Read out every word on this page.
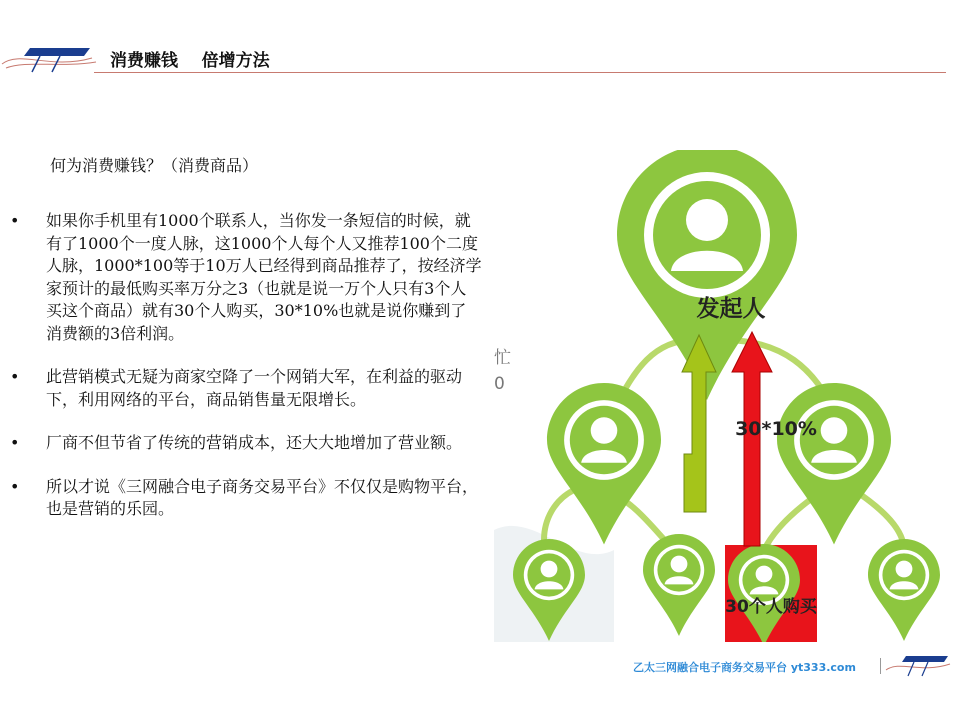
消费赚钱    倍增方法
何为消费赚钱？（消费商品）
• 如果你手机里有1000个联系人，当你发一条短信的时候，就有了1000个一度人脉，这1000个人每个人又推荐100个二度人脉，1000*100等于10万人已经得到商品推荐了，按经济学家预计的最低购买率万分之3（也就是说一万个人只有3个人买这个商品）就有30个人购买，30*10%也就是说你赚到了消费额的3倍利润。
• 此营销模式无疑为商家空降了一个网销大军，在利益的驱动下，利用网络的平台，商品销售量无限增长。
• 厂商不但节省了传统的营销成本，还大大地增加了营业额。
• 所以才说《三网融合电子商务交易平台》不仅仅是购物平台，也是营销的乐园。
忙
0
发起人
30*10%
30个人购买
乙太三网融合电子商务交易平台 yt333.com
